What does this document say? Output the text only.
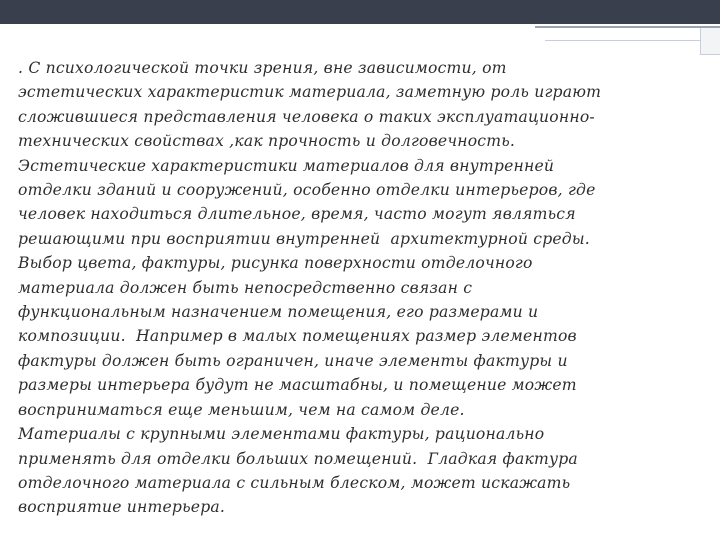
. С психологической точки зрения, вне зависимости, от
эстетических характеристик материала, заметную роль играют
сложившиеся представления человека о таких эксплуатационно-
технических свойствах ,как прочность и долговечность.
Эстетические характеристики материалов для внутренней
отделки зданий и сооружений, особенно отделки интерьеров, где
человек находиться длительное, время, часто могут являться
решающими при восприятии внутренней  архитектурной среды.
Выбор цвета, фактуры, рисунка поверхности отделочного
материала должен быть непосредственно связан с
функциональным назначением помещения, его размерами и
композиции.  Например в малых помещениях размер элементов
фактуры должен быть ограничен, иначе элементы фактуры и
размеры интерьера будут не масштабны, и помещение может
восприниматься еще меньшим, чем на самом деле.
Материалы с крупными элементами фактуры, рационально
применять для отделки больших помещений.  Гладкая фактура
отделочного материала с сильным блеском, может искажать
восприятие интерьера.
